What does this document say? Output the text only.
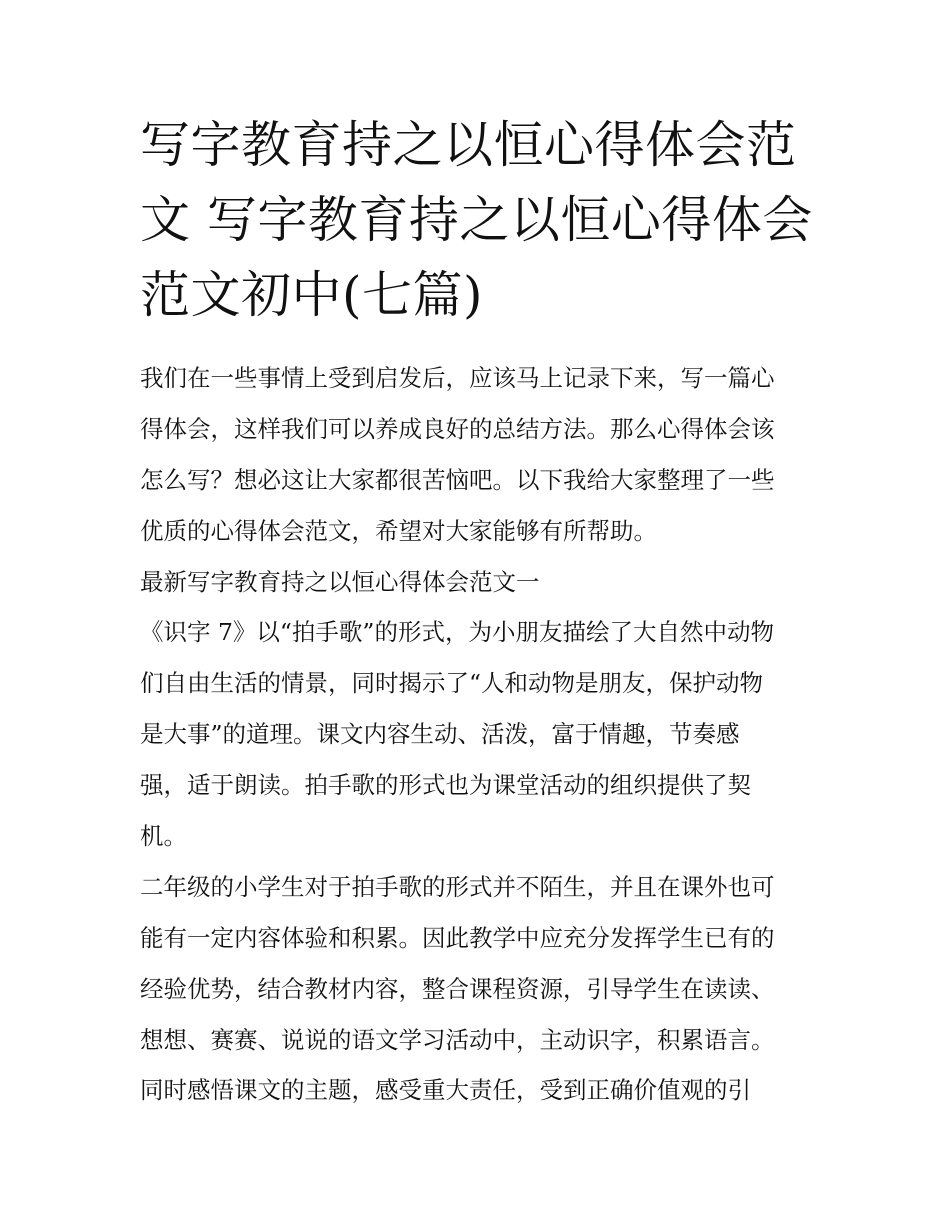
写字教育持之以恒心得体会范
文 写字教育持之以恒心得体会
范文初中(七篇)
我们在一些事情上受到启发后，应该马上记录下来，写一篇心
得体会，这样我们可以养成良好的总结方法。那么心得体会该
怎么写？想必这让大家都很苦恼吧。以下我给大家整理了一些
优质的心得体会范文，希望对大家能够有所帮助。
最新写字教育持之以恒心得体会范文一
《识字 7》以“拍手歌”的形式，为小朋友描绘了大自然中动物
们自由生活的情景，同时揭示了“人和动物是朋友，保护动物
是大事”的道理。课文内容生动、活泼，富于情趣，节奏感
强，适于朗读。拍手歌的形式也为课堂活动的组织提供了契
机。
二年级的小学生对于拍手歌的形式并不陌生，并且在课外也可
能有一定内容体验和积累。因此教学中应充分发挥学生已有的
经验优势，结合教材内容，整合课程资源，引导学生在读读、
想想、赛赛、说说的语文学习活动中，主动识字，积累语言。
同时感悟课文的主题，感受重大责任，受到正确价值观的引
